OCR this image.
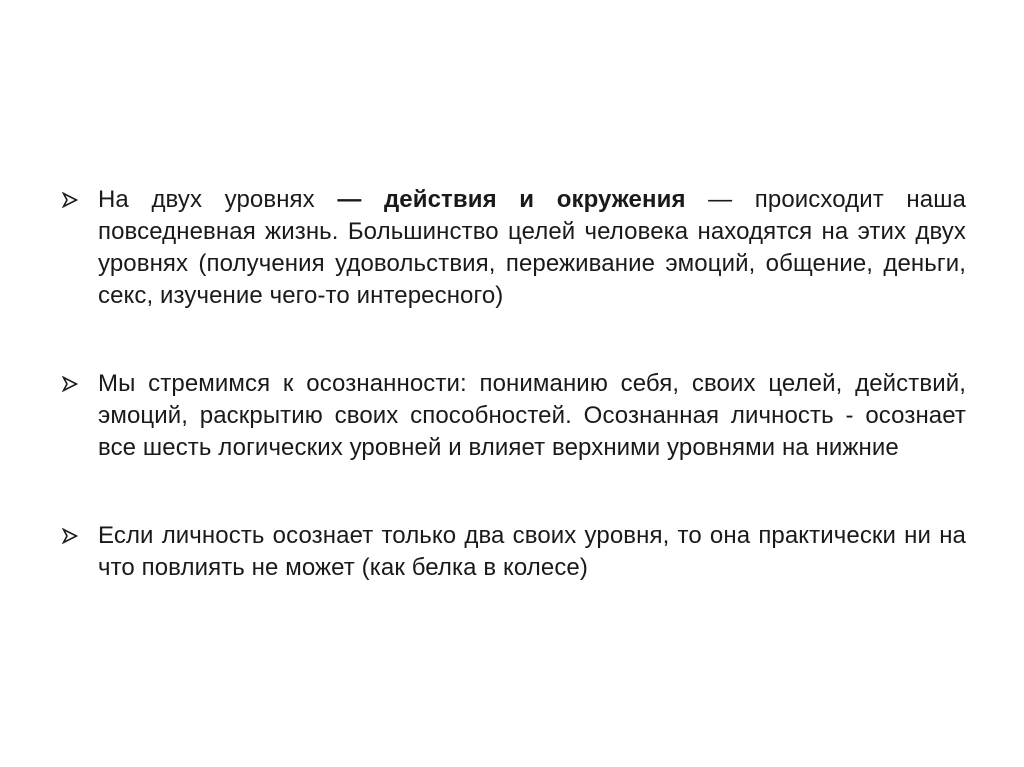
На двух уровнях — действия и окружения — происходит наша повседневная жизнь. Большинство целей человека находятся на этих двух уровнях (получения удовольствия, переживание эмоций, общение, деньги, секс, изучение чего-то интересного)
Мы стремимся к осознанности: пониманию себя, своих целей, действий, эмоций, раскрытию своих способностей. Осознанная личность - осознает все шесть логических уровней и влияет верхними уровнями на нижние
Если личность осознает только два своих уровня, то она практически ни на что повлиять не может (как белка в колесе)
